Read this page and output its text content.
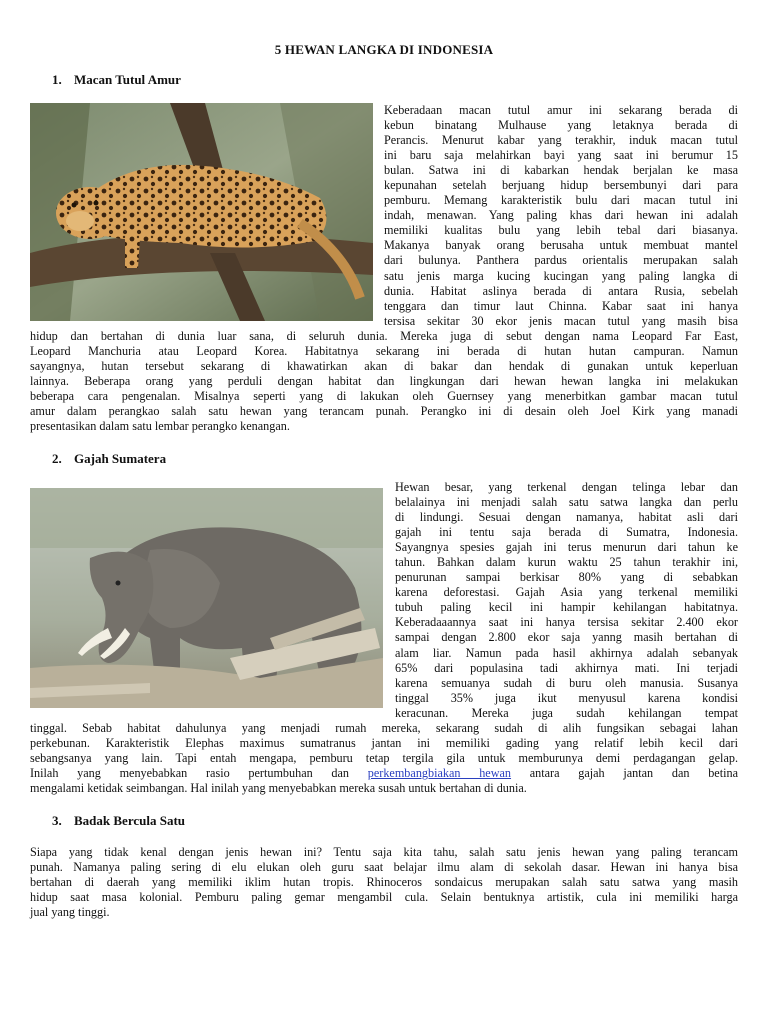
5 HEWAN LANGKA DI INDONESIA
1. Macan Tutul Amur

Keberadaan macan tutul amur ini sekarang berada di

kebun binatang Mulhause yang letaknya berada di

Perancis. Menurut kabar yang terakhir, induk macan tutul

ini baru saja melahirkan bayi yang saat ini berumur 15

bulan. Satwa ini di kabarkan hendak berjalan ke masa

kepunahan setelah berjuang hidup bersembunyi dari para

pemburu. Memang karakteristik bulu dari macan tutul ini

indah, menawan. Yang paling khas dari hewan ini adalah

memiliki kualitas bulu yang lebih tebal dari biasanya.

Makanya banyak orang berusaha untuk membuat mantel

dari bulunya. Panthera pardus orientalis merupakan salah

satu jenis marga kucing kucingan yang paling langka di

dunia. Habitat aslinya berada di antara Rusia, sebelah

tenggara dan timur laut Chinna. Kabar saat ini hanya

tersisa sekitar 30 ekor jenis macan tutul yang masih bisa

hidup dan bertahan di dunia luar sana, di seluruh dunia. Mereka juga di sebut dengan nama Leopard Far East,

Leopard Manchuria atau Leopard Korea. Habitatnya sekarang ini berada di hutan hutan campuran. Namun

sayangnya, hutan tersebut sekarang di khawatirkan akan di bakar dan hendak di gunakan untuk keperluan

lainnya. Beberapa orang yang perduli dengan habitat dan lingkungan dari hewan hewan langka ini melakukan

beberapa cara pengenalan. Misalnya seperti yang di lakukan oleh Guernsey yang menerbitkan gambar macan tutul

amur dalam perangkao salah satu hewan yang terancam punah. Perangko ini di desain oleh Joel Kirk yang manadi

presentasikan dalam satu lembar perangko kenangan.

2. Gajah Sumatera

Hewan besar, yang terkenal dengan telinga lebar dan

belalainya ini menjadi salah satu satwa langka dan perlu

di lindungi. Sesuai dengan namanya, habitat asli dari

gajah ini tentu saja berada di Sumatra, Indonesia.

Sayangnya spesies gajah ini terus menurun dari tahun ke

tahun. Bahkan dalam kurun waktu 25 tahun terakhir ini,

penurunan sampai berkisar 80% yang di sebabkan

karena deforestasi. Gajah Asia yang terkenal memiliki

tubuh paling kecil ini hampir kehilangan habitatnya.

Keberadaaannya saat ini hanya tersisa sekitar 2.400 ekor

sampai dengan 2.800 ekor saja yanng masih bertahan di

alam liar. Namun pada hasil akhirnya adalah sebanyak

65% dari populasina tadi akhirnya mati. Ini terjadi

karena semuanya sudah di buru oleh manusia. Susanya

tinggal 35% juga ikut menyusul karena kondisi

keracunan. Mereka juga sudah kehilangan tempat

tinggal. Sebab habitat dahulunya yang menjadi rumah mereka, sekarang sudah di alih fungsikan sebagai lahan

perkebunan. Karakteristik Elephas maximus sumatranus jantan ini memiliki gading yang relatif lebih kecil dari

sebangsanya yang lain. Tapi entah mengapa, pemburu tetap tergila gila untuk memburunya demi perdagangan gelap.

Inilah yang menyebabkan rasio pertumbuhan dan perkembangbiakan hewan antara gajah jantan dan betina

mengalami ketidak seimbangan. Hal inilah yang menyebabkan mereka susah untuk bertahan di dunia.

3. Badak Bercula Satu

Siapa yang tidak kenal dengan jenis hewan ini? Tentu saja kita tahu, salah satu jenis hewan yang paling terancam

punah. Namanya paling sering di elu elukan oleh guru saat belajar ilmu alam di sekolah dasar. Hewan ini hanya bisa

bertahan di daerah yang memiliki iklim hutan tropis. Rhinoceros sondaicus merupakan salah satu satwa yang masih

hidup saat masa kolonial. Pemburu paling gemar mengambil cula. Selain bentuknya artistik, cula ini memiliki harga

jual yang tinggi.
